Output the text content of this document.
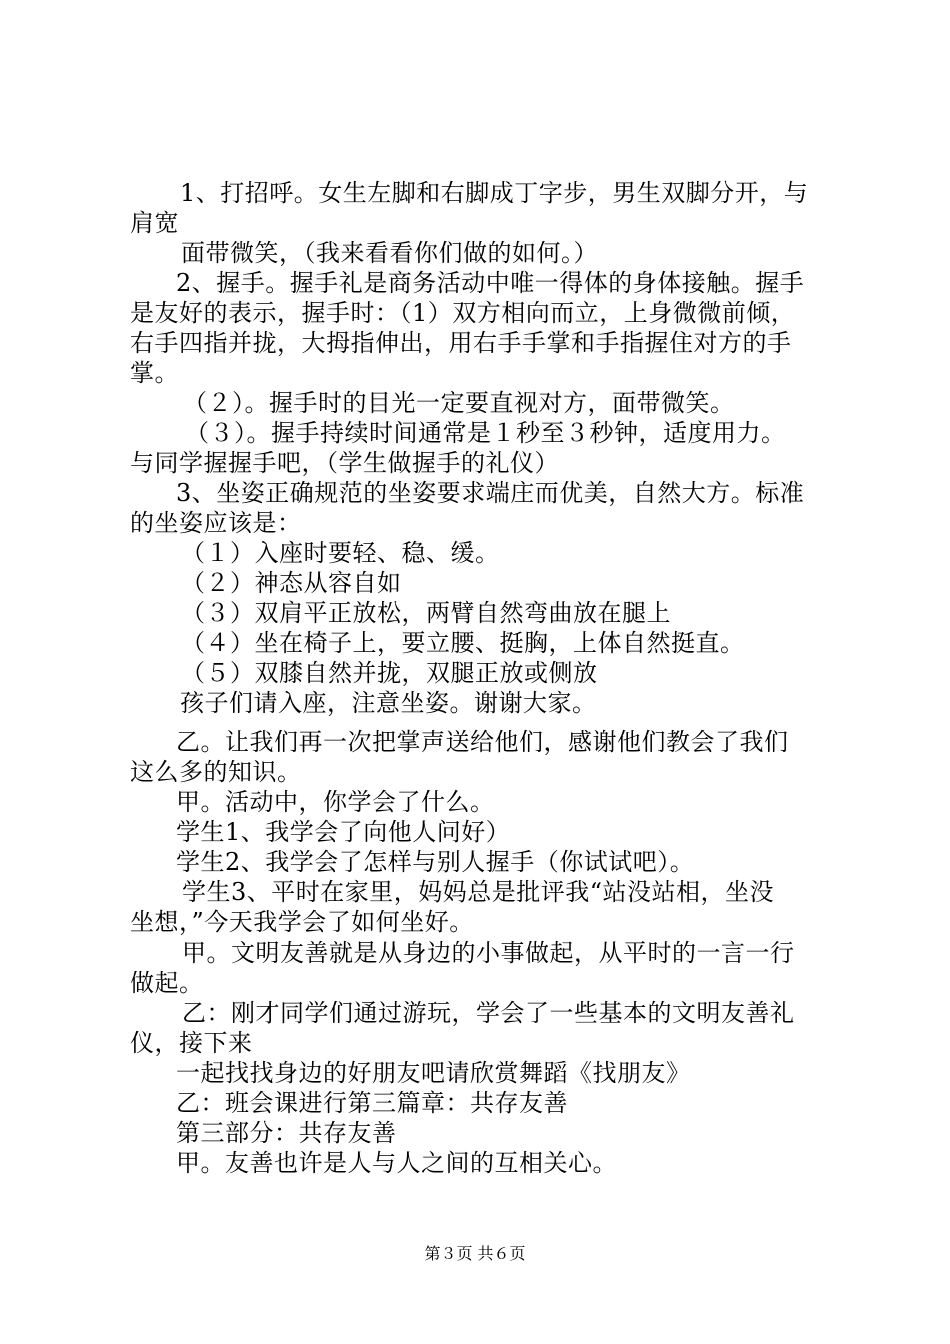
1、打招呼。女生左脚和右脚成丁字步，男生双脚分开，与
肩宽
面带微笑，（我来看看你们做的如何。）
2、握手。握手礼是商务活动中唯一得体的身体接触。握手
是友好的表示，握手时：（1）双方相向而立，上身微微前倾，
右手四指并拢，大拇指伸出，用右手手掌和手指握住对方的手
掌。
（２）。握手时的目光一定要直视对方，面带微笑。
（３）。握手持续时间通常是１秒至３秒钟，适度用力。
与同学握握手吧，（学生做握手的礼仪）
3、坐姿正确规范的坐姿要求端庄而优美，自然大方。标准
的坐姿应该是：
（１）入座时要轻、稳、缓。
（２）神态从容自如
（３）双肩平正放松，两臂自然弯曲放在腿上
（４）坐在椅子上，要立腰、挺胸，上体自然挺直。
（５）双膝自然并拢，双腿正放或侧放
孩子们请入座，注意坐姿。谢谢大家。
乙。让我们再一次把掌声送给他们，感谢他们教会了我们
这么多的知识。
甲。活动中，你学会了什么。
学生1、我学会了向他人问好）
学生2、我学会了怎样与别人握手（你试试吧）。
学生3、平时在家里，妈妈总是批评我“站没站相，坐没
坐想，”今天我学会了如何坐好。
甲。文明友善就是从身边的小事做起，从平时的一言一行
做起。
乙：刚才同学们通过游玩，学会了一些基本的文明友善礼
仪，接下来
一起找找身边的好朋友吧请欣赏舞蹈《找朋友》
乙：班会课进行第三篇章：共存友善
第三部分：共存友善
甲。友善也许是人与人之间的互相关心。
第３页 共６页
